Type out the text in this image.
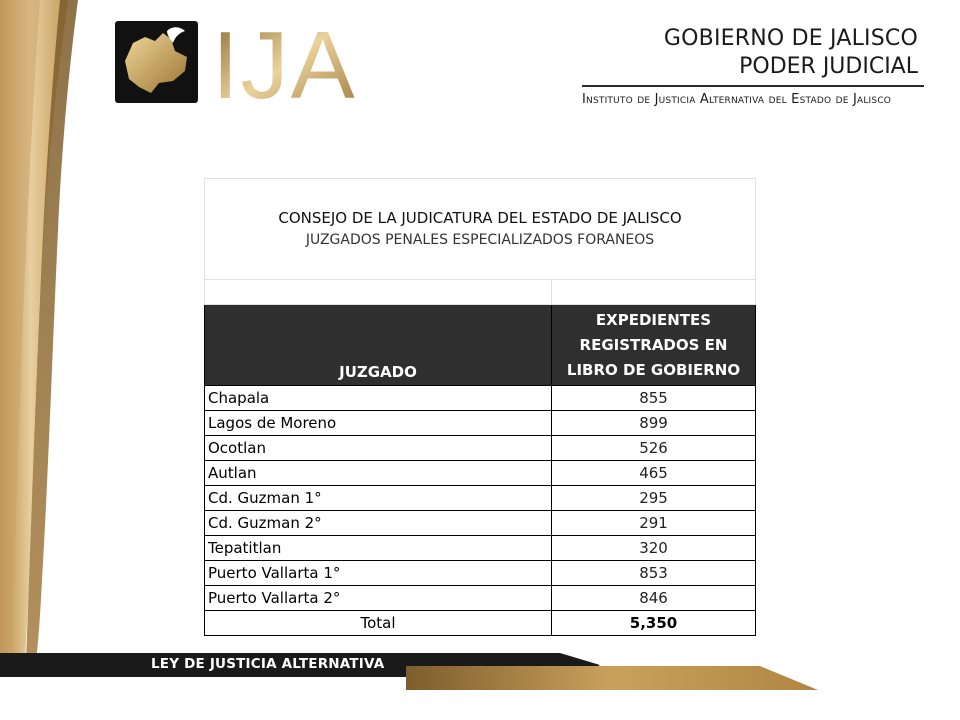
IJA	GOBIERNO DE JALISCO
PODER JUDICIAL
Instituto de Justicia Alternativa del Estado de Jalisco
CONSEJO DE LA JUDICATURA DEL ESTADO DE JALISCO
JUZGADOS PENALES ESPECIALIZADOS FORANEOS	

JUZGADO	EXPEDIENTES REGISTRADOS EN LIBRO DE GOBIERNO
Chapala	855
Lagos de Moreno	899
Ocotlan	526
Autlan	465
Cd. Guzman 1°	295
Cd. Guzman 2°	291
Tepatitlan	320
Puerto Vallarta 1°	853
Puerto Vallarta 2°	846
Total	5,350
LEY DE JUSTICIA ALTERNATIVA
